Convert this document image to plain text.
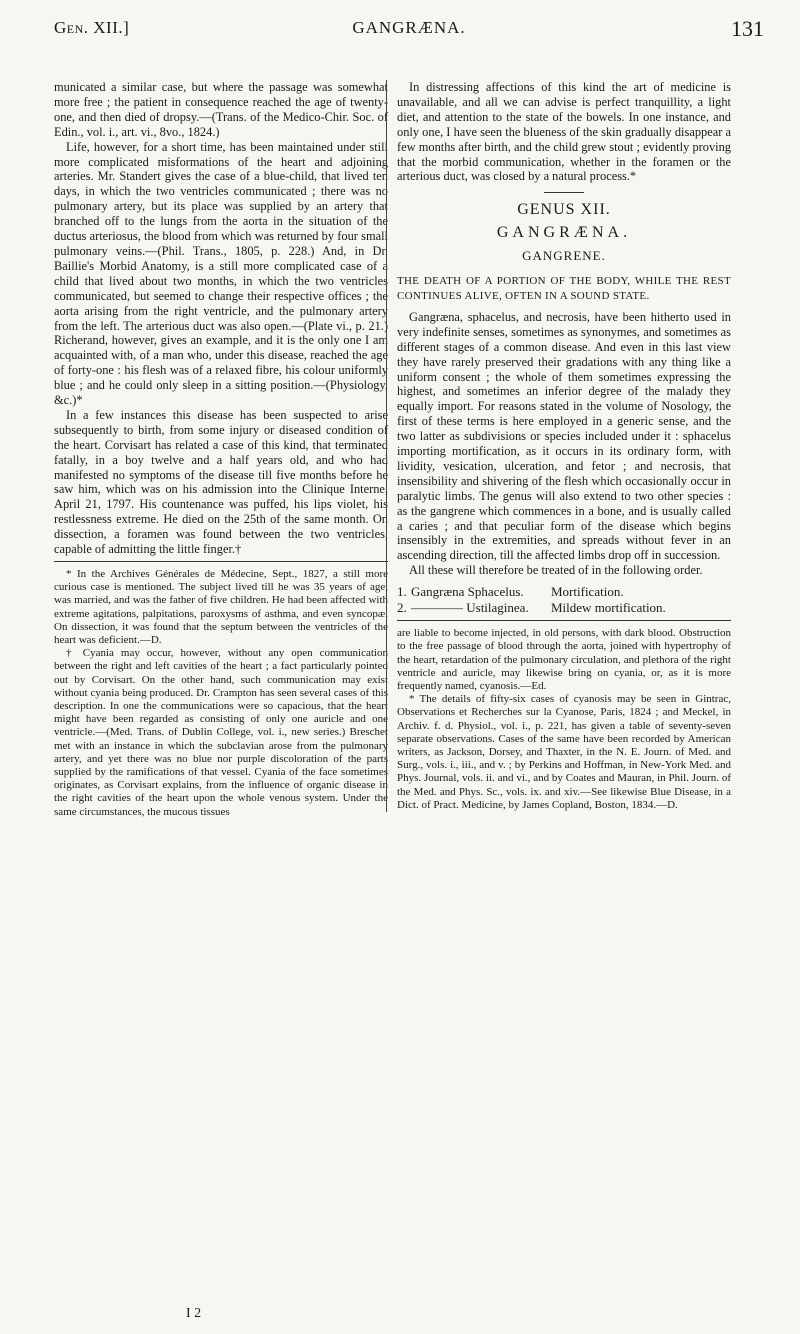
Gen. XII.]	GANGRÆNA.	131

municated a similar case, but where the passage was somewhat more free ; the patient in consequence reached the age of twenty-one, and then died of dropsy.—(Trans. of the Medico-Chir. Soc. of Edin., vol. i., art. vi., 8vo., 1824.)

Life, however, for a short time, has been maintained under still more complicated misformations of the heart and adjoining arteries. Mr. Standert gives the case of a blue-child, that lived ten days, in which the two ventricles communicated ; there was no pulmonary artery, but its place was supplied by an artery that branched off to the lungs from the aorta in the situation of the ductus arteriosus, the blood from which was returned by four small pulmonary veins.—(Phil. Trans., 1805, p. 228.) And, in Dr. Baillie's Morbid Anatomy, is a still more complicated case of a child that lived about two months, in which the two ventricles communicated, but seemed to change their respective offices ; the aorta arising from the right ventricle, and the pulmonary artery from the left. The arterious duct was also open.—(Plate vi., p. 21.) Richerand, however, gives an example, and it is the only one I am acquainted with, of a man who, under this disease, reached the age of forty-one : his flesh was of a relaxed fibre, his colour uniformly blue ; and he could only sleep in a sitting position.—(Physiology, &c.)*

In a few instances this disease has been suspected to arise subsequently to birth, from some injury or diseased condition of the heart. Corvisart has related a case of this kind, that terminated fatally, in a boy twelve and a half years old, and who had manifested no symptoms of the disease till five months before he saw him, which was on his admission into the Clinique Interne, April 21, 1797. His countenance was puffed, his lips violet, his restlessness extreme. He died on the 25th of the same month. On dissection, a foramen was found between the two ventricles, capable of admitting the little finger.†

* In the Archives Générales de Médecine, Sept., 1827, a still more curious case is mentioned. The subject lived till he was 35 years of age, was married, and was the father of five children. He had been affected with extreme agitations, palpitations, paroxysms of asthma, and even syncopæ. On dissection, it was found that the septum between the ventricles of the heart was deficient.—D.

† Cyania may occur, however, without any open communication between the right and left cavities of the heart ; a fact particularly pointed out by Corvisart. On the other hand, such communication may exist without cyania being produced. Dr. Crampton has seen several cases of this description. In one the communications were so capacious, that the heart might have been regarded as consisting of only one auricle and one ventricle.—(Med. Trans. of Dublin College, vol. i., new series.) Breschet met with an instance in which the subclavian arose from the pulmonary artery, and yet there was no blue nor purple discoloration of the parts supplied by the ramifications of that vessel. Cyania of the face sometimes originates, as Corvisart explains, from the influence of organic disease in the right cavities of the heart upon the whole venous system. Under the same circumstances, the mucous tissues

In distressing affections of this kind the art of medicine is unavailable, and all we can advise is perfect tranquillity, a light diet, and attention to the state of the bowels. In one instance, and only one, I have seen the blueness of the skin gradually disappear a few months after birth, and the child grew stout ; evidently proving that the morbid communication, whether in the foramen or the arterious duct, was closed by a natural process.*

GENUS XII.

GANGRÆNA.

GANGRENE.

THE DEATH OF A PORTION OF THE BODY, WHILE THE REST CONTINUES ALIVE, OFTEN IN A SOUND STATE.

Gangræna, sphacelus, and necrosis, have been hitherto used in very indefinite senses, sometimes as synonymes, and sometimes as different stages of a common disease. And even in this last view they have rarely preserved their gradations with any thing like a uniform consent ; the whole of them sometimes expressing the highest, and sometimes an inferior degree of the malady they equally import. For reasons stated in the volume of Nosology, the first of these terms is here employed in a generic sense, and the two latter as subdivisions or species included under it : sphacelus importing mortification, as it occurs in its ordinary form, with lividity, vesication, ulceration, and fetor ; and necrosis, that insensibility and shivering of the flesh which occasionally occur in paralytic limbs. The genus will also extend to two other species : as the gangrene which commences in a bone, and is usually called a caries ; and that peculiar form of the disease which begins insensibly in the extremities, and spreads without fever in an ascending direction, till the affected limbs drop off in succession.

All these will therefore be treated of in the following order.

1. Gangræna Sphacelus.	Mortification.
2. ———— Ustilaginea.	Mildew mortification.

are liable to become injected, in old persons, with dark blood. Obstruction to the free passage of blood through the aorta, joined with hypertrophy of the heart, retardation of the pulmonary circulation, and plethora of the right ventricle and auricle, may likewise bring on cyania, or, as it is more frequently named, cyanosis.—Ed.

* The details of fifty-six cases of cyanosis may be seen in Gintrac, Observations et Recherches sur la Cyanose, Paris, 1824 ; and Meckel, in Archiv. f. d. Physiol., vol. i., p. 221, has given a table of seventy-seven separate observations. Cases of the same have been recorded by American writers, as Jackson, Dorsey, and Thaxter, in the N. E. Journ. of Med. and Surg., vols. i., iii., and v. ; by Perkins and Hoffman, in New-York Med. and Phys. Journal, vols. ii. and vi., and by Coates and Mauran, in Phil. Journ. of the Med. and Phys. Sc., vols. ix. and xiv.—See likewise Blue Disease, in a Dict. of Pract. Medicine, by James Copland, Boston, 1834.—D.

I 2
